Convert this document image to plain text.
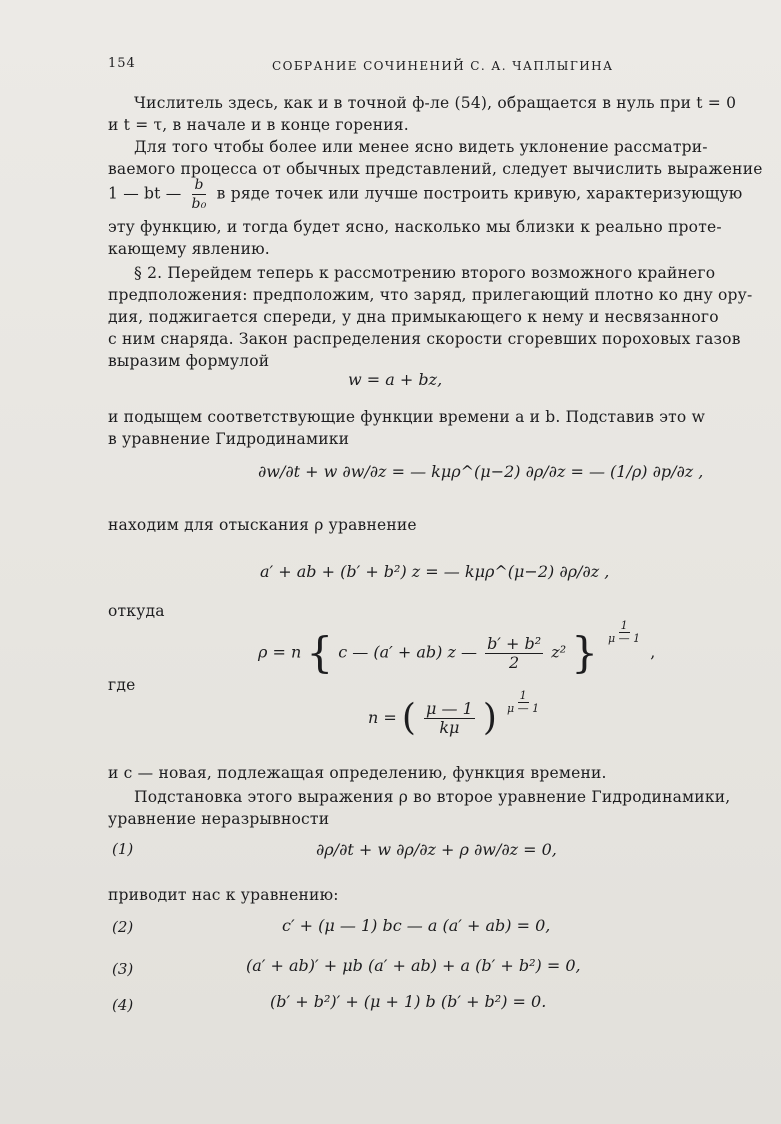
154	СОБРАНИЕ СОЧИНЕНИЙ С. А. ЧАПЛЫГИНА
Числитель здесь, как и в точной ф-ле (54), обращается в нуль при t = 0
и t = τ, в начале и в конце горения.
Для того чтобы более или менее ясно видеть уклонение рассматри-
ваемого процесса от обычных представлений, следует вычислить выражение
1 — bt — $\frac{b}{\text{b₀}}$ в ряде точек или лучше построить кривую, характеризующую
эту функцию, и тогда будет ясно, насколько мы близки к реально проте-
кающему явлению.
§ 2. Перейдем теперь к рассмотрению второго возможного крайнего
предположения: предположим, что заряд, прилегающий плотно ко дну ору-
дия, поджигается спереди, у дна примыкающего к нему и несвязанного
с ним снаряда. Закон распределения скорости сгоревших пороховых газов
выразим формулой
w = a + bz,
и подыщем соответствующие функции времени a и b. Подставив это w
в уравнение Гидродинамики
∂w/∂t + w ∂w/∂z = — kμρ^(μ−2) ∂ρ/∂z = — (1/ρ) ∂p/∂z ,
находим для отыскания ρ уравнение
a′ + ab + (b′ + b²) z = — kμρ^(μ−2) ∂ρ/∂z ,
откуда
ρ = n { c — (a′ + ab) z — $\frac{\text{b′ + b²}}{2} z^2$ } $\frac{1}{\mu — 1}$
,
где
n = ( $\frac{\mu — 1}{k\mu}$ ) $\frac{1}{\mu — 1}$
и c — новая, подлежащая определению, функция времени.
Подстановка этого выражения ρ во второе уравнение Гидродинамики,
уравнение неразрывности
(1)	∂ρ/∂t + w ∂ρ/∂z + ρ ∂w/∂z = 0,
приводит нас к уравнению:
(2)	c′ + (μ — 1) bc — a (a′ + ab) = 0,
(3)	(a′ + ab)′ + μb (a′ + ab) + a (b′ + b²) = 0,
(4)	(b′ + b²)′ + (μ + 1) b (b′ + b²) = 0.
